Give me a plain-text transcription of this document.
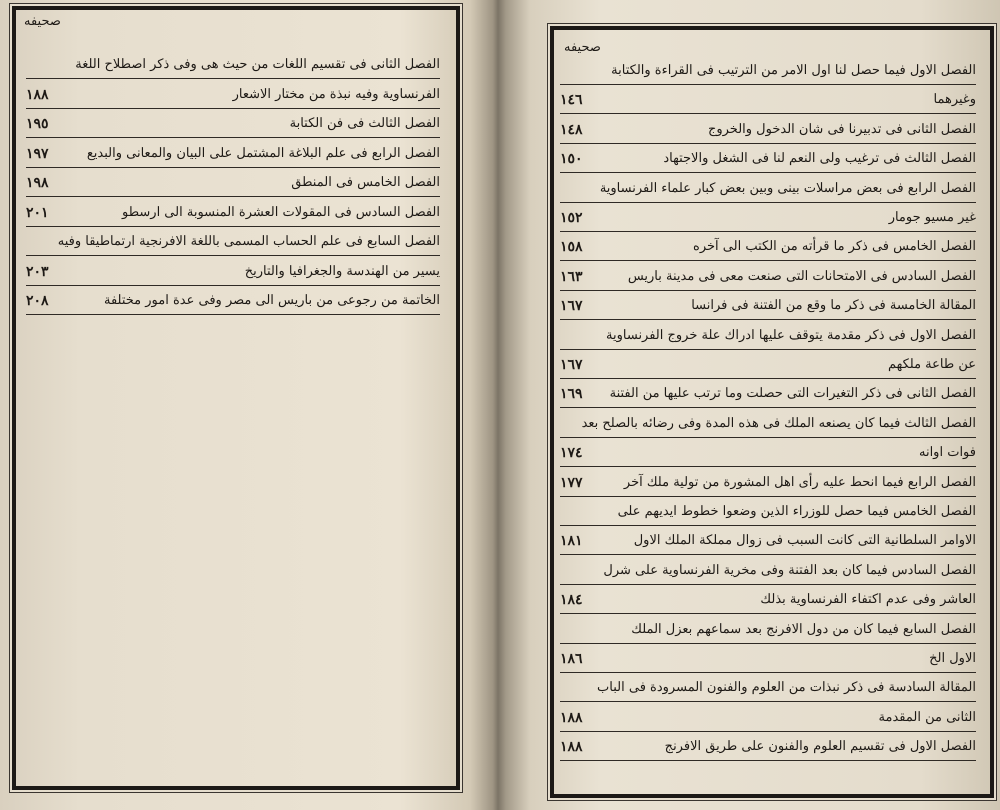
صحيفه
الفصل الثانى فى تقسيم اللغات من حيث هى وفى ذكر اصطلاح اللغة
الفرنساوية وفيه نبذة من مختار الاشعار
١٨٨
الفصل الثالث فى فن الكتابة
١٩٥
الفصل الرابع فى علم البلاغة المشتمل على البيان والمعانى والبديع
١٩٧
الفصل الخامس فى المنطق
١٩٨
الفصل السادس فى المقولات العشرة المنسوبة الى ارسطو
٢٠١
الفصل السابع فى علم الحساب المسمى باللغة الافرنجية ارتماطيقا وفيه
يسير من الهندسة والجغرافيا والتاريخ
٢٠٣
الخاتمة من رجوعى من باريس الى مصر وفى عدة امور مختلفة
٢٠٨
صحيفه
الفصل الاول فيما حصل لنا اول الامر من الترتيب فى القراءة والكتابة
وغيرهما
١٤٦
الفصل الثانى فى تدبيرنا فى شان الدخول والخروج
١٤٨
الفصل الثالث فى ترغيب ولى النعم لنا فى الشغل والاجتهاد
١٥٠
الفصل الرابع فى بعض مراسلات بينى وبين بعض كبار علماء الفرنساوية
غير مسيو جومار
١٥٢
الفصل الخامس فى ذكر ما قرأته من الكتب الى آخره
١٥٨
الفصل السادس فى الامتحانات التى صنعت معى فى مدينة باريس
١٦٣
المقالة الخامسة فى ذكر ما وقع من الفتنة فى فرانسا
١٦٧
الفصل الاول فى ذكر مقدمة يتوقف عليها ادراك علة خروج الفرنساوية
عن طاعة ملكهم
١٦٧
الفصل الثانى فى ذكر التغيرات التى حصلت وما ترتب عليها من الفتنة
١٦٩
الفصل الثالث فيما كان يصنعه الملك فى هذه المدة وفى رضائه بالصلح بعد
فوات اوانه
١٧٤
الفصل الرابع فيما انحط عليه رأى اهل المشورة من تولية ملك آخر
١٧٧
الفصل الخامس فيما حصل للوزراء الذين وضعوا خطوط ايديهم على
الاوامر السلطانية التى كانت السبب فى زوال مملكة الملك الاول
١٨١
الفصل السادس فيما كان بعد الفتنة وفى مخرية الفرنساوية على شرل
العاشر وفى عدم اكتفاء الفرنساوية بذلك
١٨٤
الفصل السابع فيما كان من دول الافرنج بعد سماعهم بعزل الملك
الاول الخ
١٨٦
المقالة السادسة فى ذكر نبذات من العلوم والفنون المسرودة فى الباب
الثانى من المقدمة
١٨٨
الفصل الاول فى تقسيم العلوم والفنون على طريق الافرنج
١٨٨
